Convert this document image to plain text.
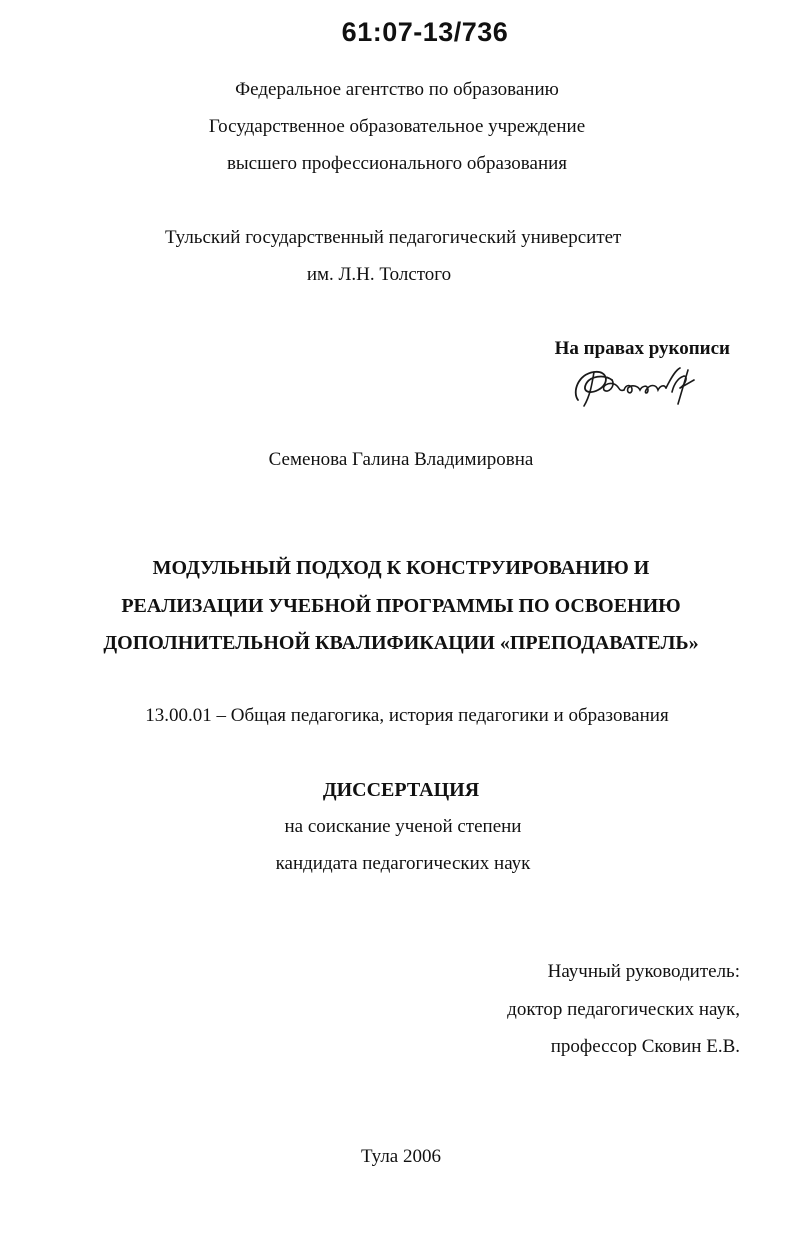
61:07-13/736
Федеральное агентство по образованию
Государственное образовательное учреждение
высшего профессионального образования
Тульский государственный педагогический университет
им. Л.Н. Толстого
На правах рукописи
Семенова Галина Владимировна
МОДУЛЬНЫЙ ПОДХОД К КОНСТРУИРОВАНИЮ И
РЕАЛИЗАЦИИ УЧЕБНОЙ ПРОГРАММЫ ПО ОСВОЕНИЮ
ДОПОЛНИТЕЛЬНОЙ КВАЛИФИКАЦИИ «ПРЕПОДАВАТЕЛЬ»
13.00.01 – Общая педагогика, история педагогики и образования
ДИССЕРТАЦИЯ
на соискание ученой степени
кандидата педагогических наук
Научный руководитель:
доктор педагогических наук,
профессор Сковин Е.В.
Тула 2006
